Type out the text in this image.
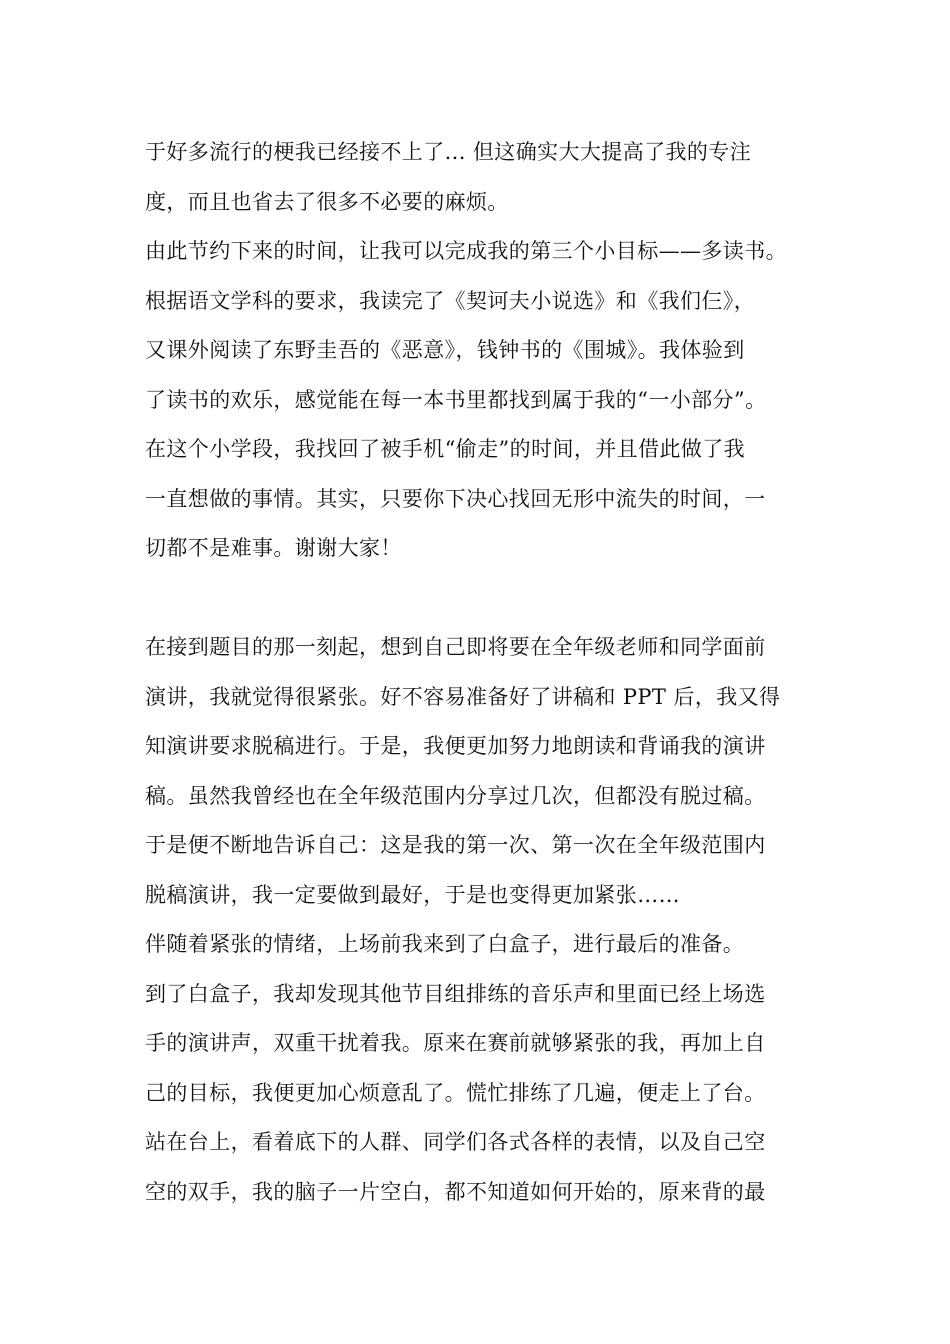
于好多流行的梗我已经接不上了... 但这确实大大提高了我的专注
度，而且也省去了很多不必要的麻烦。
由此节约下来的时间，让我可以完成我的第三个小目标——多读书。
根据语文学科的要求，我读完了《契诃夫小说选》和《我们仨》，
又课外阅读了东野圭吾的《恶意》，钱钟书的《围城》。我体验到
了读书的欢乐，感觉能在每一本书里都找到属于我的“一小部分”。
在这个小学段，我找回了被手机“偷走”的时间，并且借此做了我
一直想做的事情。其实，只要你下决心找回无形中流失的时间，一
切都不是难事。谢谢大家！
在接到题目的那一刻起，想到自己即将要在全年级老师和同学面前
演讲，我就觉得很紧张。好不容易准备好了讲稿和 PPT 后，我又得
知演讲要求脱稿进行。于是，我便更加努力地朗读和背诵我的演讲
稿。虽然我曾经也在全年级范围内分享过几次，但都没有脱过稿。
于是便不断地告诉自己：这是我的第一次、第一次在全年级范围内
脱稿演讲，我一定要做到最好，于是也变得更加紧张……
伴随着紧张的情绪，上场前我来到了白盒子，进行最后的准备。
到了白盒子，我却发现其他节目组排练的音乐声和里面已经上场选
手的演讲声，双重干扰着我。原来在赛前就够紧张的我，再加上自
己的目标，我便更加心烦意乱了。慌忙排练了几遍，便走上了台。
站在台上，看着底下的人群、同学们各式各样的表情，以及自己空
空的双手，我的脑子一片空白，都不知道如何开始的，原来背的最
